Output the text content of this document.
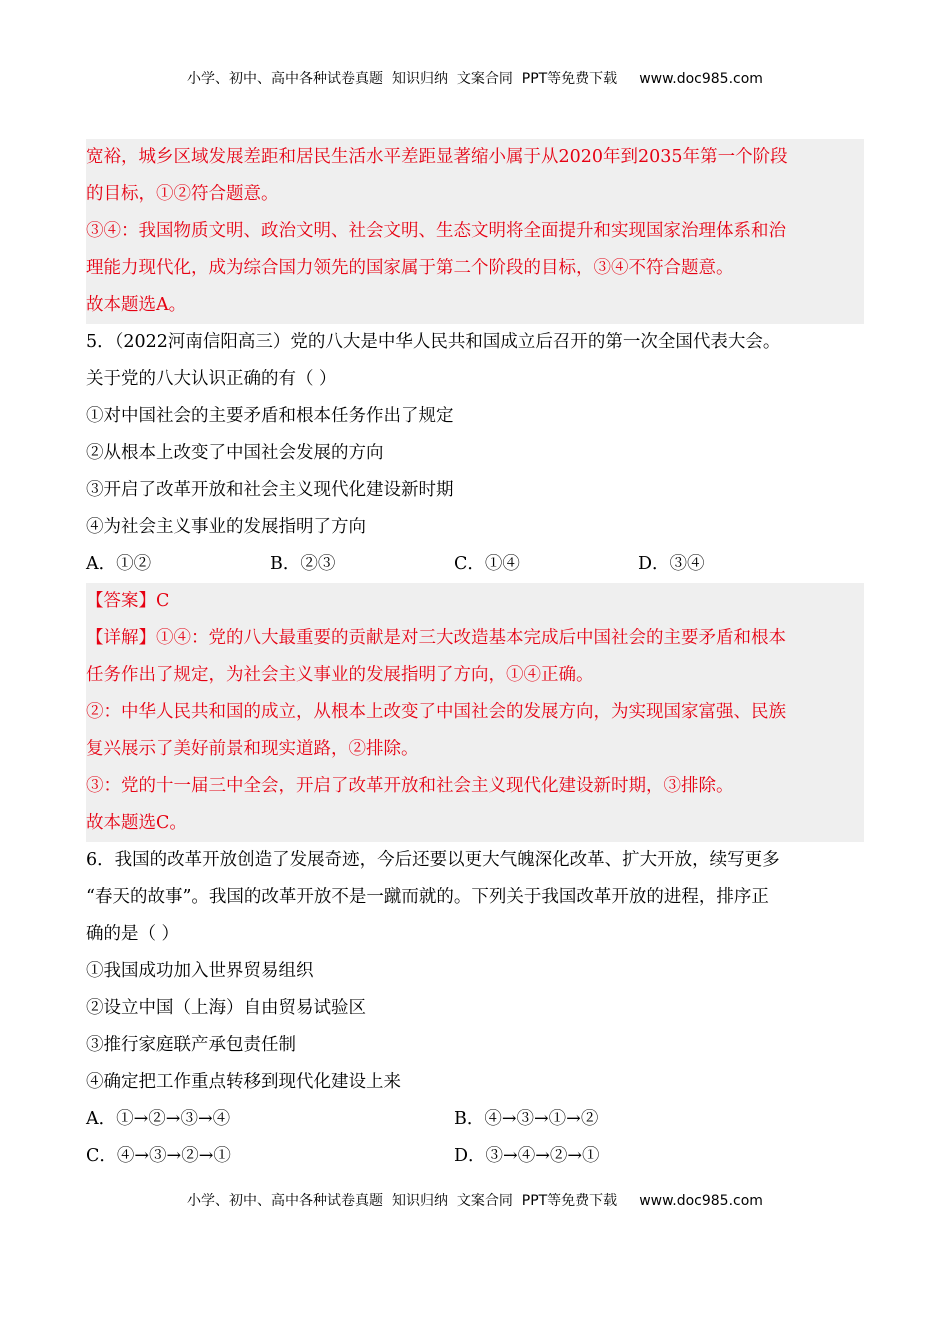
小学、初中、高中各种试卷真题  知识归纳  文案合同  PPT等免费下载 www.doc985.com
宽裕，城乡区域发展差距和居民生活水平差距显著缩小属于从2020年到2035年第一个阶段
的目标，①②符合题意。
③④：我国物质文明、政治文明、社会文明、生态文明将全面提升和实现国家治理体系和治
理能力现代化，成为综合国力领先的国家属于第二个阶段的目标，③④不符合题意。
故本题选A。
5．（2022河南信阳高三）党的八大是中华人民共和国成立后召开的第一次全国代表大会。
关于党的八大认识正确的有（ ）
①对中国社会的主要矛盾和根本任务作出了规定
②从根本上改变了中国社会发展的方向
③开启了改革开放和社会主义现代化建设新时期
④为社会主义事业的发展指明了方向
A．①②	B．②③	C．①④	D．③④
【答案】C
【详解】①④：党的八大最重要的贡献是对三大改造基本完成后中国社会的主要矛盾和根本
任务作出了规定，为社会主义事业的发展指明了方向，①④正确。
②：中华人民共和国的成立，从根本上改变了中国社会的发展方向，为实现国家富强、民族
复兴展示了美好前景和现实道路，②排除。
③：党的十一届三中全会，开启了改革开放和社会主义现代化建设新时期，③排除。
故本题选C。
6．我国的改革开放创造了发展奇迹，今后还要以更大气魄深化改革、扩大开放，续写更多
“春天的故事”。我国的改革开放不是一蹴而就的。下列关于我国改革开放的进程，排序正
确的是（ ）
①我国成功加入世界贸易组织
②设立中国（上海）自由贸易试验区
③推行家庭联产承包责任制
④确定把工作重点转移到现代化建设上来
A．①→②→③→④	B．④→③→①→②
C．④→③→②→①	D．③→④→②→①
小学、初中、高中各种试卷真题  知识归纳  文案合同  PPT等免费下载 www.doc985.com
